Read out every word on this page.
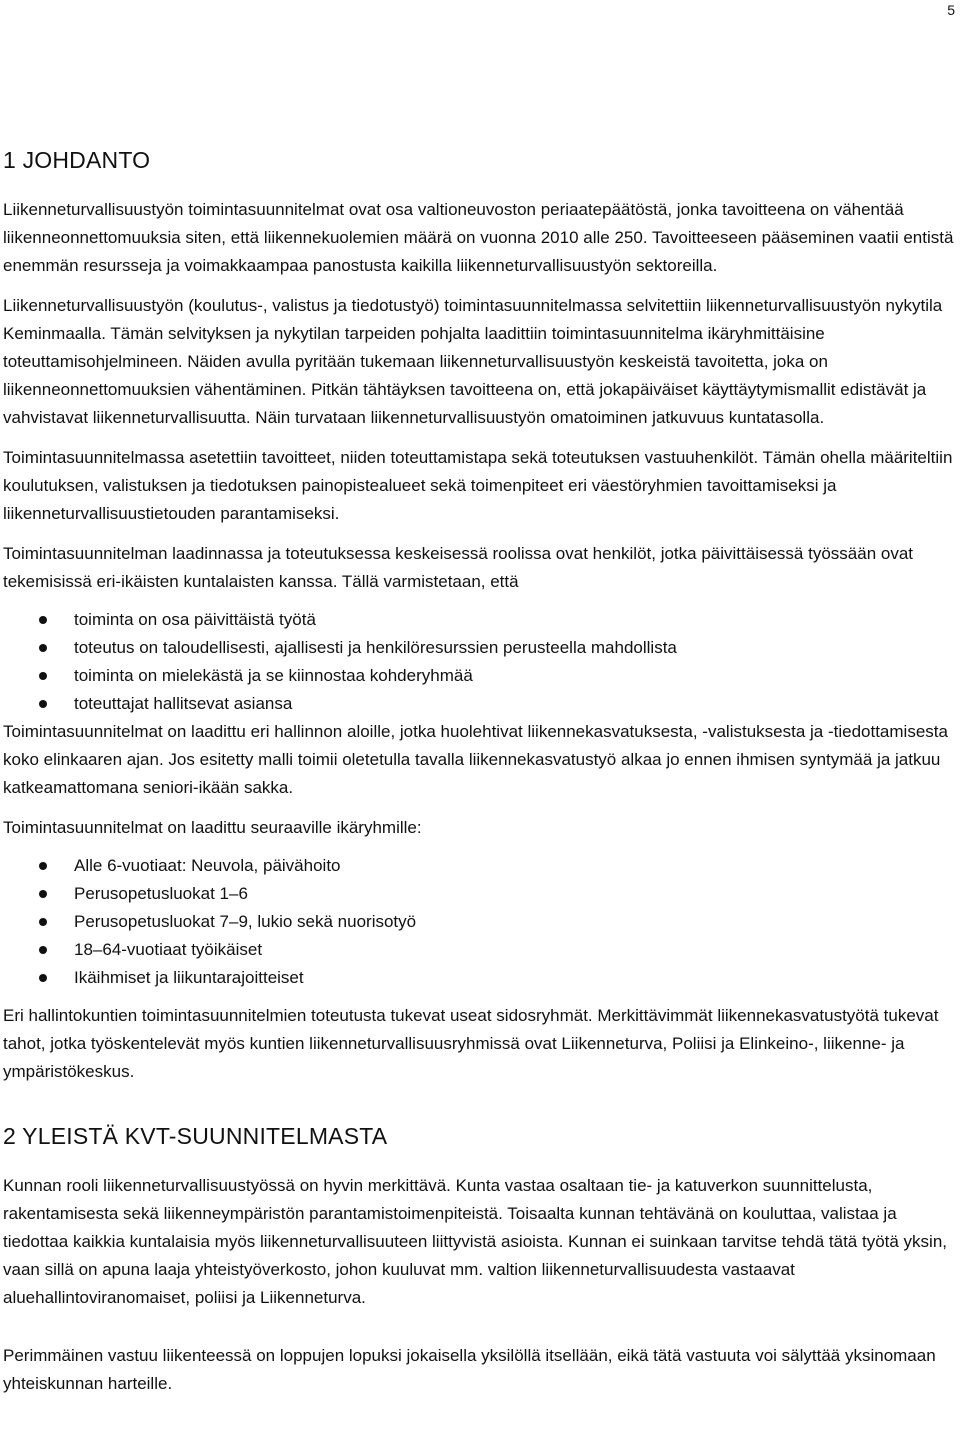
5
1 JOHDANTO

Liikenneturvallisuustyön toimintasuunnitelmat ovat osa valtioneuvoston periaatepäätöstä, jonka tavoitteena on vähentää liikenneonnettomuuksia siten, että liikennekuolemien määrä on vuonna 2010 alle 250. Tavoitteeseen pääseminen vaatii entistä enemmän resursseja ja voimakkaampaa panostusta kaikilla liikenneturvallisuustyön sektoreilla.

Liikenneturvallisuustyön (koulutus-, valistus ja tiedotustyö) toimintasuunnitelmassa selvitettiin liikenneturvallisuustyön nykytila Keminmaalla. Tämän selvityksen ja nykytilan tarpeiden pohjalta laadittiin toimintasuunnitelma ikäryhmittäisine toteuttamisohjelmineen. Näiden avulla pyritään tukemaan liikenneturvallisuustyön keskeistä tavoitetta, joka on liikenneonnettomuuksien vähentäminen. Pitkän tähtäyksen tavoitteena on, että jokapäiväiset käyttäytymismallit edistävät ja vahvistavat liikenneturvallisuutta. Näin turvataan liikenneturvallisuustyön omatoiminen jatkuvuus kuntatasolla.

Toimintasuunnitelmassa asetettiin tavoitteet, niiden toteuttamistapa sekä toteutuksen vastuuhenkilöt. Tämän ohella määriteltiin koulutuksen, valistuksen ja tiedotuksen painopistealueet sekä toimenpiteet eri väestöryhmien tavoittamiseksi ja liikenneturvallisuustietouden parantamiseksi.

Toimintasuunnitelman laadinnassa ja toteutuksessa keskeisessä roolissa ovat henkilöt, jotka päivittäisessä työssään ovat tekemisissä eri-ikäisten kuntalaisten kanssa. Tällä varmistetaan, että

toiminta on osa päivittäistä työtä
toteutus on taloudellisesti, ajallisesti ja henkilöresurssien perusteella mahdollista
toiminta on mielekästä ja se kiinnostaa kohderyhmää
toteuttajat hallitsevat asiansa

Toimintasuunnitelmat on laadittu eri hallinnon aloille, jotka huolehtivat liikennekasvatuksesta, -valistuksesta ja -tiedottamisesta koko elinkaaren ajan. Jos esitetty malli toimii oletetulla tavalla liikennekasvatustyö alkaa jo ennen ihmisen syntymää ja jatkuu katkeamattomana seniori-ikään sakka.

Toimintasuunnitelmat on laadittu seuraaville ikäryhmille:

Alle 6-vuotiaat: Neuvola, päivähoito
Perusopetusluokat 1–6
Perusopetusluokat 7–9, lukio sekä nuorisotyö
18–64-vuotiaat työikäiset
Ikäihmiset ja liikuntarajoitteiset

Eri hallintokuntien toimintasuunnitelmien toteutusta tukevat useat sidosryhmät. Merkittävimmät liikennekasvatustyötä tukevat tahot, jotka työskentelevät myös kuntien liikenneturvallisuusryhmissä ovat Liikenneturva, Poliisi ja Elinkeino-, liikenne- ja ympäristökeskus.

2 YLEISTÄ KVT-SUUNNITELMASTA

Kunnan rooli liikenneturvallisuustyössä on hyvin merkittävä. Kunta vastaa osaltaan tie- ja katuverkon suunnittelusta, rakentamisesta sekä liikenneympäristön parantamistoimenpiteistä. Toisaalta kunnan tehtävänä on kouluttaa, valistaa ja tiedottaa kaikkia kuntalaisia myös liikenneturvallisuuteen liittyvistä asioista. Kunnan ei suinkaan tarvitse tehdä tätä työtä yksin, vaan sillä on apuna laaja yhteistyöverkosto, johon kuuluvat mm. valtion liikenneturvallisuudesta vastaavat aluehallintoviranomaiset, poliisi ja Liikenneturva.

Perimmäinen vastuu liikenteessä on loppujen lopuksi jokaisella yksilöllä itsellään, eikä tätä vastuuta voi sälyttää yksinomaan yhteiskunnan harteille.
